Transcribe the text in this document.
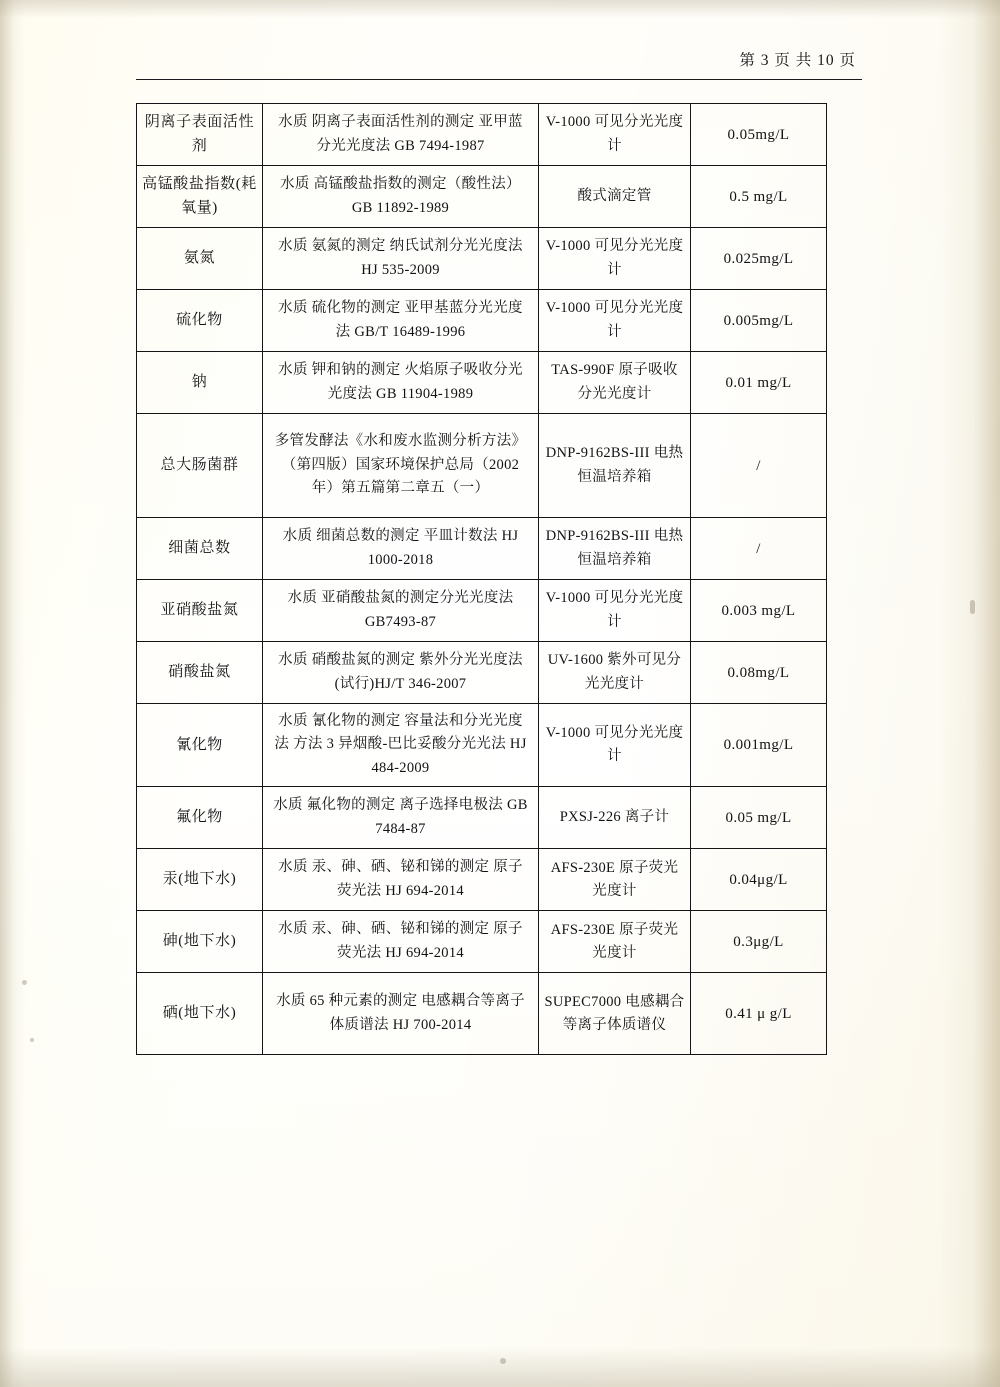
第 3 页 共 10 页
阴离子表面活性剂	水质 阴离子表面活性剂的测定 亚甲蓝分光光度法 GB 7494-1987	V-1000 可见分光光度计	0.05mg/L
高锰酸盐指数(耗氧量)	水质 高锰酸盐指数的测定（酸性法） GB 11892-1989	酸式滴定管	0.5 mg/L
氨氮	水质 氨氮的测定 纳氏试剂分光光度法 HJ 535-2009	V-1000 可见分光光度计	0.025mg/L
硫化物	水质 硫化物的测定 亚甲基蓝分光光度法 GB/T 16489-1996	V-1000 可见分光光度计	0.005mg/L
钠	水质 钾和钠的测定 火焰原子吸收分光光度法 GB 11904-1989	TAS-990F 原子吸收分光光度计	0.01 mg/L
总大肠菌群	多管发酵法《水和废水监测分析方法》（第四版）国家环境保护总局（2002 年）第五篇第二章五（一）	DNP-9162BS-III 电热恒温培养箱	/
细菌总数	水质 细菌总数的测定 平皿计数法 HJ 1000-2018	DNP-9162BS-III 电热恒温培养箱	/
亚硝酸盐氮	水质 亚硝酸盐氮的测定分光光度法 GB7493-87	V-1000 可见分光光度计	0.003 mg/L
硝酸盐氮	水质 硝酸盐氮的测定 紫外分光光度法(试行)HJ/T 346-2007	UV-1600 紫外可见分光光度计	0.08mg/L
氰化物	水质 氰化物的测定 容量法和分光光度法 方法 3 异烟酸-巴比妥酸分光光法 HJ 484-2009	V-1000 可见分光光度计	0.001mg/L
氟化物	水质 氟化物的测定 离子选择电极法 GB 7484-87	PXSJ-226 离子计	0.05 mg/L
汞(地下水)	水质 汞、砷、硒、铋和锑的测定 原子荧光法 HJ 694-2014	AFS-230E 原子荧光光度计	0.04μg/L
砷(地下水)	水质 汞、砷、硒、铋和锑的测定 原子荧光法 HJ 694-2014	AFS-230E 原子荧光光度计	0.3μg/L
硒(地下水)	水质 65 种元素的测定 电感耦合等离子体质谱法 HJ 700-2014	SUPEC7000 电感耦合等离子体质谱仪	0.41 μ g/L
